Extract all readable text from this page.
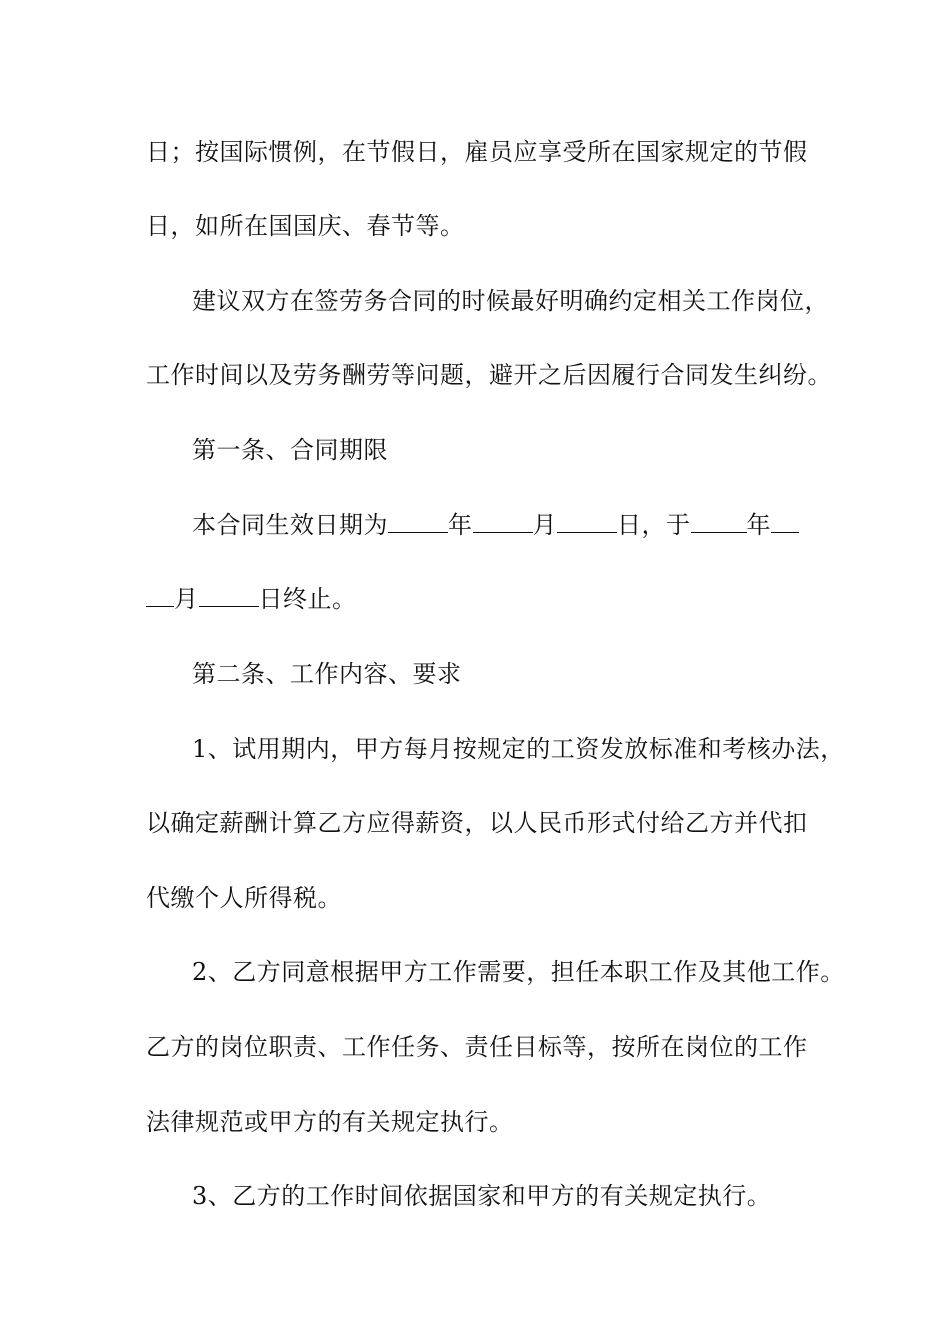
日；按国际惯例，在节假日，雇员应享受所在国家规定的节假
日，如所在国国庆、春节等。
建议双方在签劳务合同的时候最好明确约定相关工作岗位，
工作时间以及劳务酬劳等问题，避开之后因履行合同发生纠纷。
第一条、合同期限
本合同生效日期为	年	月	日，于 年
月	日终止。
第二条、工作内容、要求
1、试用期内，甲方每月按规定的工资发放标准和考核办法，
以确定薪酬计算乙方应得薪资，以人民币形式付给乙方并代扣
代缴个人所得税。
2、乙方同意根据甲方工作需要，担任本职工作及其他工作。
乙方的岗位职责、工作任务、责任目标等，按所在岗位的工作
法律规范或甲方的有关规定执行。
3、乙方的工作时间依据国家和甲方的有关规定执行。
